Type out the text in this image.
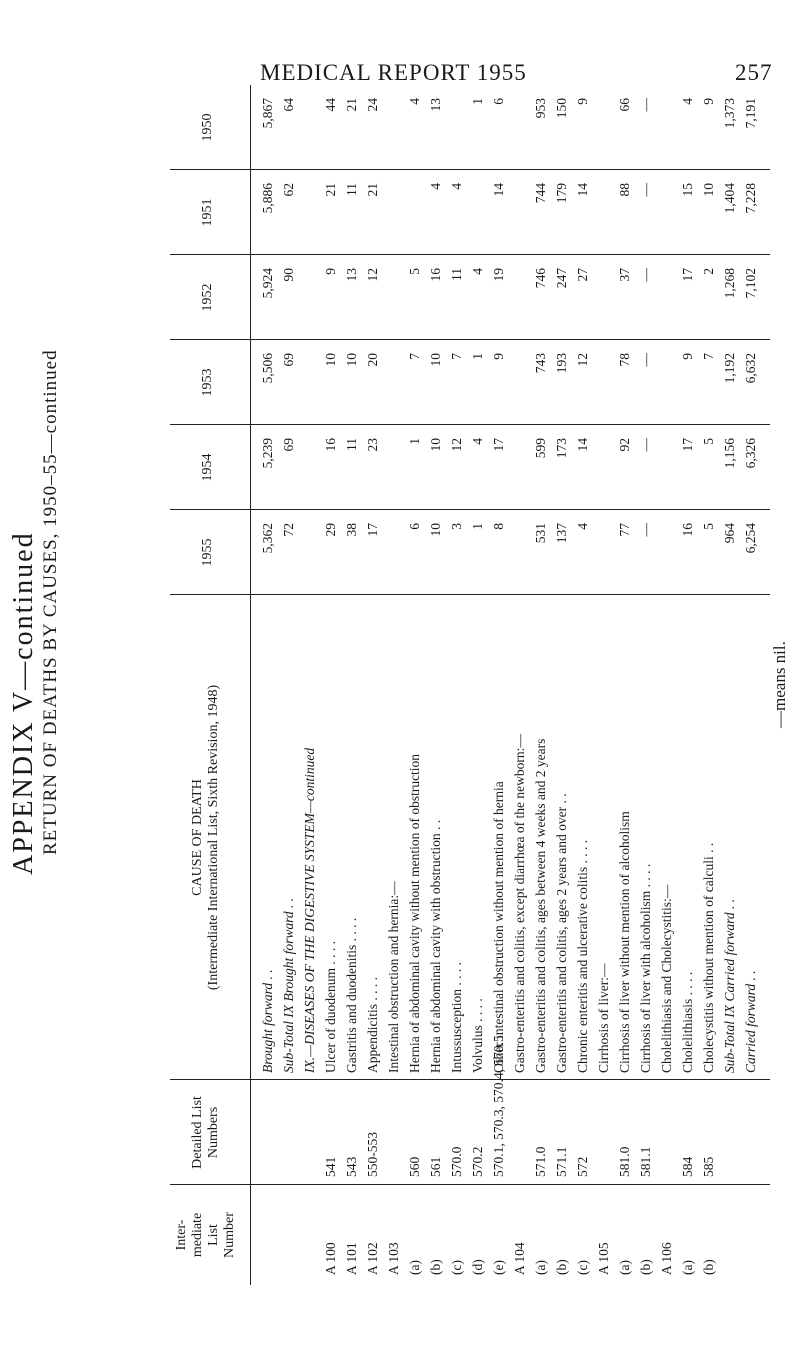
MEDICAL REPORT 1955	257
APPENDIX V—continued RETURN OF DEATHS BY CAUSES, 1950–55—continued	—means nil.
Inter- mediate List Number
Detailed List Numbers
CAUSE OF DEATH (Intermediate International List, Sixth Revision, 1948)
1955
1954
1953
1952
1951
1950
Brought forward . .
5,362
5,239
5,506
5,924
5,886
5,867
Sub-Total IX Brought forward . .
72
69
69
90
62
64
IX.—DISEASES OF THE DIGESTIVE SYSTEM—continued
A 100
541
Ulcer of duodenum . . . .
29
16
10
9
21
44
A 101
543
Gastritis and duodenitis . . . .
38
11
10
13
11
21
A 102
550-553
Appendicitis . . . .
17
23
20
12
21
24
A 103
Intestinal obstruction and hernia:—
(a)
560
Hernia of abdominal cavity without mention of obstruction
6
1
7
5
4
(b)
561
Hernia of abdominal cavity with obstruction . .
10
10
10
16
4
13
(c)
570.0
Intussusception . . . .
3
12
7
11
4
(d)
570.2
Volvulus . . . .
1
4
1
4
1
(e)
570.1, 570.3, 570.4, 570.5
Other intestinal obstruction without mention of hernia
8
17
9
19
14
6
A 104
Gastro-enteritis and colitis, except diarrhœa of the newborn:—
(a)
571.0
Gastro-enteritis and colitis, ages between 4 weeks and 2 years
531
599
743
746
744
953
(b)
571.1
Gastro-enteritis and colitis, ages 2 years and over . .
137
173
193
247
179
150
(c)
572
Chronic enteritis and ulcerative colitis . . . .
4
14
12
27
14
9
A 105
Cirrhosis of liver:—
(a)
581.0
Cirrhosis of liver without mention of alcoholism
77
92
78
37
88
66
(b)
581.1
Cirrhosis of liver with alcoholism . . . .
—
—
—
—
—
—
A 106
Cholelithiasis and Cholecystitis:—
(a)
584
Cholelithiasis . . . .
16
17
9
17
15
4
(b)
585
Cholecystitis without mention of calculi . .
5
5
7
2
10
9
Sub-Total IX Carried forward . .
964
1,156
1,192
1,268
1,404
1,373
Carried forward . .
6,254
6,326
6,632
7,102
7,228
7,191
